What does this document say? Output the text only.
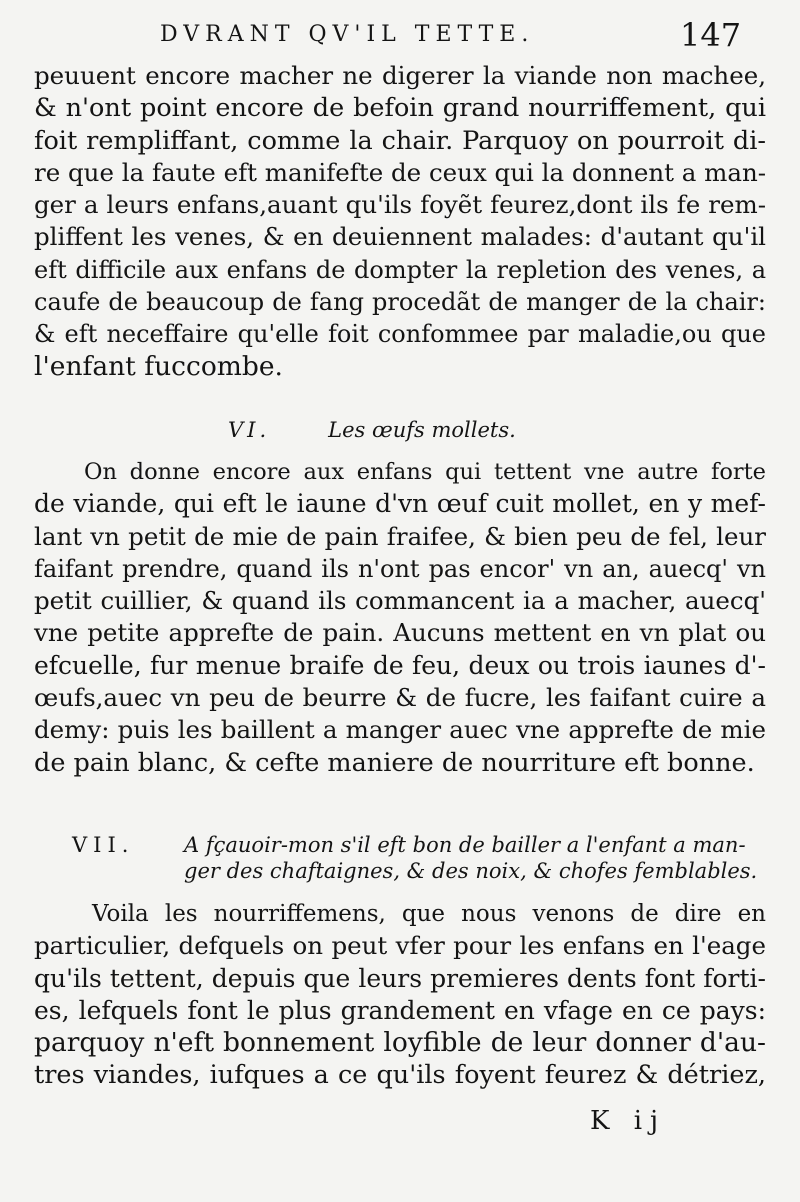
DVRANT QV'IL TETTE.	147
peuuent encore macher ne digerer la viande non machee,
& n'ont point encore de befoin grand nourriffement, qui
foit rempliffant, comme la chair. Parquoy on pourroit di-
re que la faute eft manifefte de ceux qui la donnent a man-
ger a leurs enfans,auant qu'ils foyẽt feurez,dont ils fe rem-
pliffent les venes, & en deuiennent malades: d'autant qu'il
eft difficile aux enfans de dompter la repletion des venes, a
caufe de beaucoup de fang procedãt de manger de la chair:
& eft neceffaire qu'elle foit confommee par maladie,ou que
l'enfant fuccombe.
VI.	Les œufs mollets.
On donne encore aux enfans qui tettent vne autre forte
de viande, qui eft le iaune d'vn œuf cuit mollet, en y mef-
lant vn petit de mie de pain fraifee, & bien peu de fel, leur
faifant prendre, quand ils n'ont pas encor' vn an, auecq' vn
petit cuillier, & quand ils commancent ia a macher, auecq'
vne petite apprefte de pain. Aucuns mettent en vn plat ou
efcuelle, fur menue braife de feu, deux ou trois iaunes d'-
œufs,auec vn peu de beurre & de fucre, les faifant cuire a
demy: puis les baillent a manger auec vne apprefte de mie
de pain blanc, & cefte maniere de nourriture eft bonne.
VII. A fçauoir-mon s'il eft bon de bailler a l'enfant a man-
ger des chaftaignes, & des noix, & chofes femblables.
Voila les nourriffemens, que nous venons de dire en
particulier, defquels on peut vfer pour les enfans en l'eage
qu'ils tettent, depuis que leurs premieres dents font forti-
es, lefquels font le plus grandement en vfage en ce pays:
parquoy n'eft bonnement loyfible de leur donner d'au-
tres viandes, iufques a ce qu'ils foyent feurez & détriez,
K ij
